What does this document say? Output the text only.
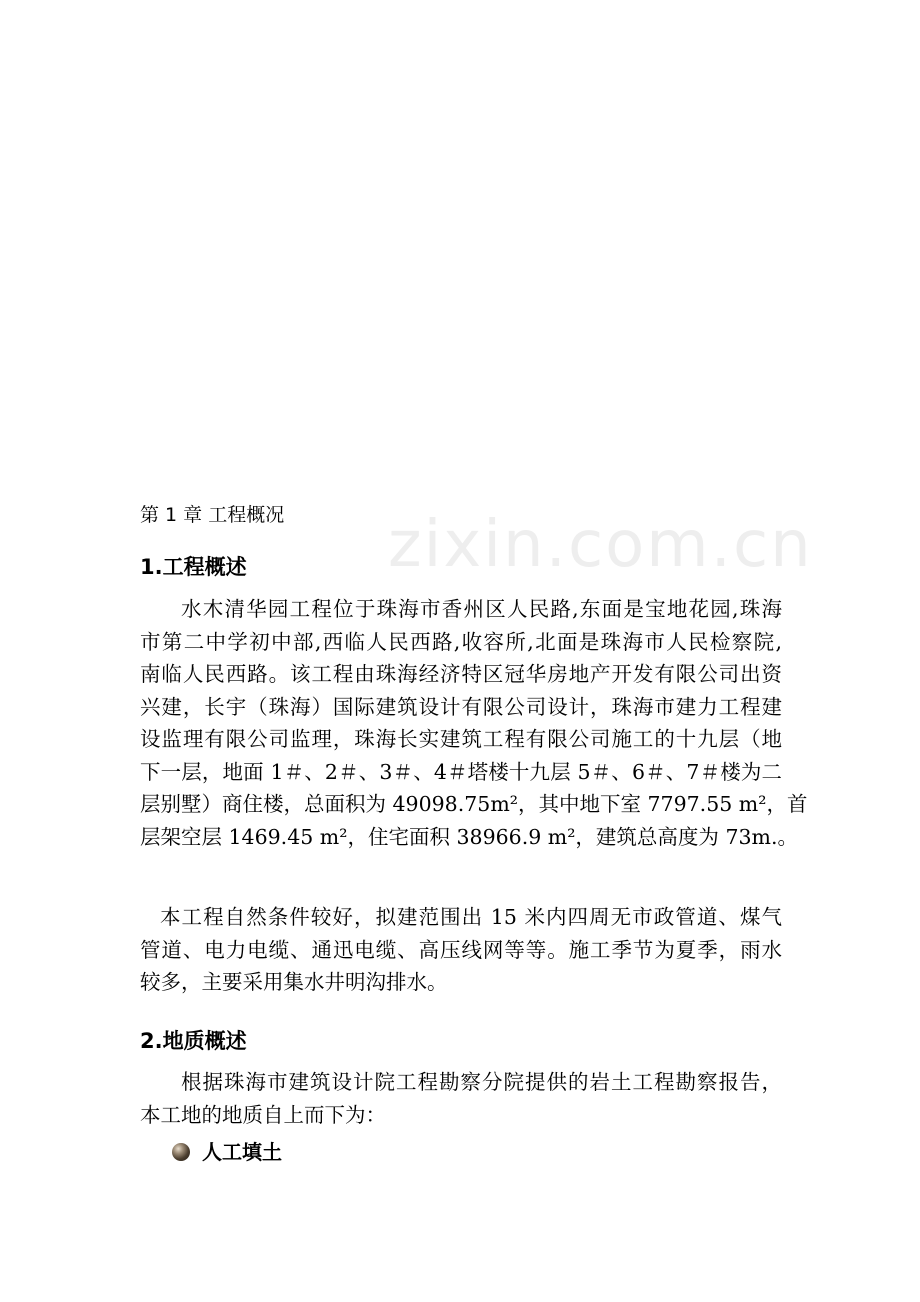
zixin.com.cn
第 1 章 工程概况
1.工程概述
水木清华园工程位于珠海市香州区人民路,东面是宝地花园,珠海
市第二中学初中部,西临人民西路,收容所,北面是珠海市人民检察院,
南临人民西路。该工程由珠海经济特区冠华房地产开发有限公司出资
兴建，长宇（珠海）国际建筑设计有限公司设计，珠海市建力工程建
设监理有限公司监理，珠海长实建筑工程有限公司施工的十九层（地
下一层，地面 1＃、2＃、3＃、4＃塔楼十九层 5＃、6＃、7＃楼为二
层别墅）商住楼，总面积为 49098.75m²，其中地下室 7797.55 m²，首
层架空层 1469.45 m²，住宅面积 38966.9 m²，建筑总高度为 73m.。
本工程自然条件较好，拟建范围出 15 米内四周无市政管道、煤气
管道、电力电缆、通迅电缆、高压线网等等。施工季节为夏季，雨水
较多，主要采用集水井明沟排水。
2.地质概述
根据珠海市建筑设计院工程勘察分院提供的岩土工程勘察报告，
本工地的地质自上而下为：
人工填土
